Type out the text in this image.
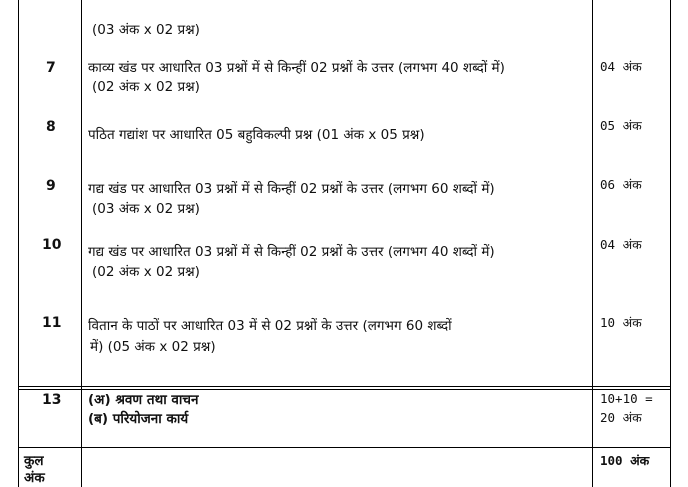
(03 अंक x 02 प्रश्न)
7 काव्य खंड पर आधारित 03 प्रश्नों में से किन्हीं 02 प्रश्नों के उत्तर (लगभग 40 शब्दों में)
(02 अंक x 02 प्रश्न)
04 अंक
8 पठित गद्यांश पर आधारित 05 बहुविकल्पी प्रश्न (01 अंक x 05 प्रश्न)
05 अंक
9 गद्य खंड पर आधारित 03 प्रश्नों में से किन्हीं 02 प्रश्नों के उत्तर (लगभग 60 शब्दों में)
(03 अंक x 02 प्रश्न)
06 अंक
10 गद्य खंड पर आधारित 03 प्रश्नों में से किन्हीं 02 प्रश्नों के उत्तर (लगभग 40 शब्दों में)
(02 अंक x 02 प्रश्न)
04 अंक
11 वितान के पाठों पर आधारित 03 में से 02 प्रश्नों के उत्तर (लगभग 60 शब्दों
में) (05 अंक x 02 प्रश्न)
10 अंक
13 (अ) श्रवण तथा वाचन
(ब) परियोजना कार्य
10+10 =
20 अंक
कुल
अंक
100 अंक
